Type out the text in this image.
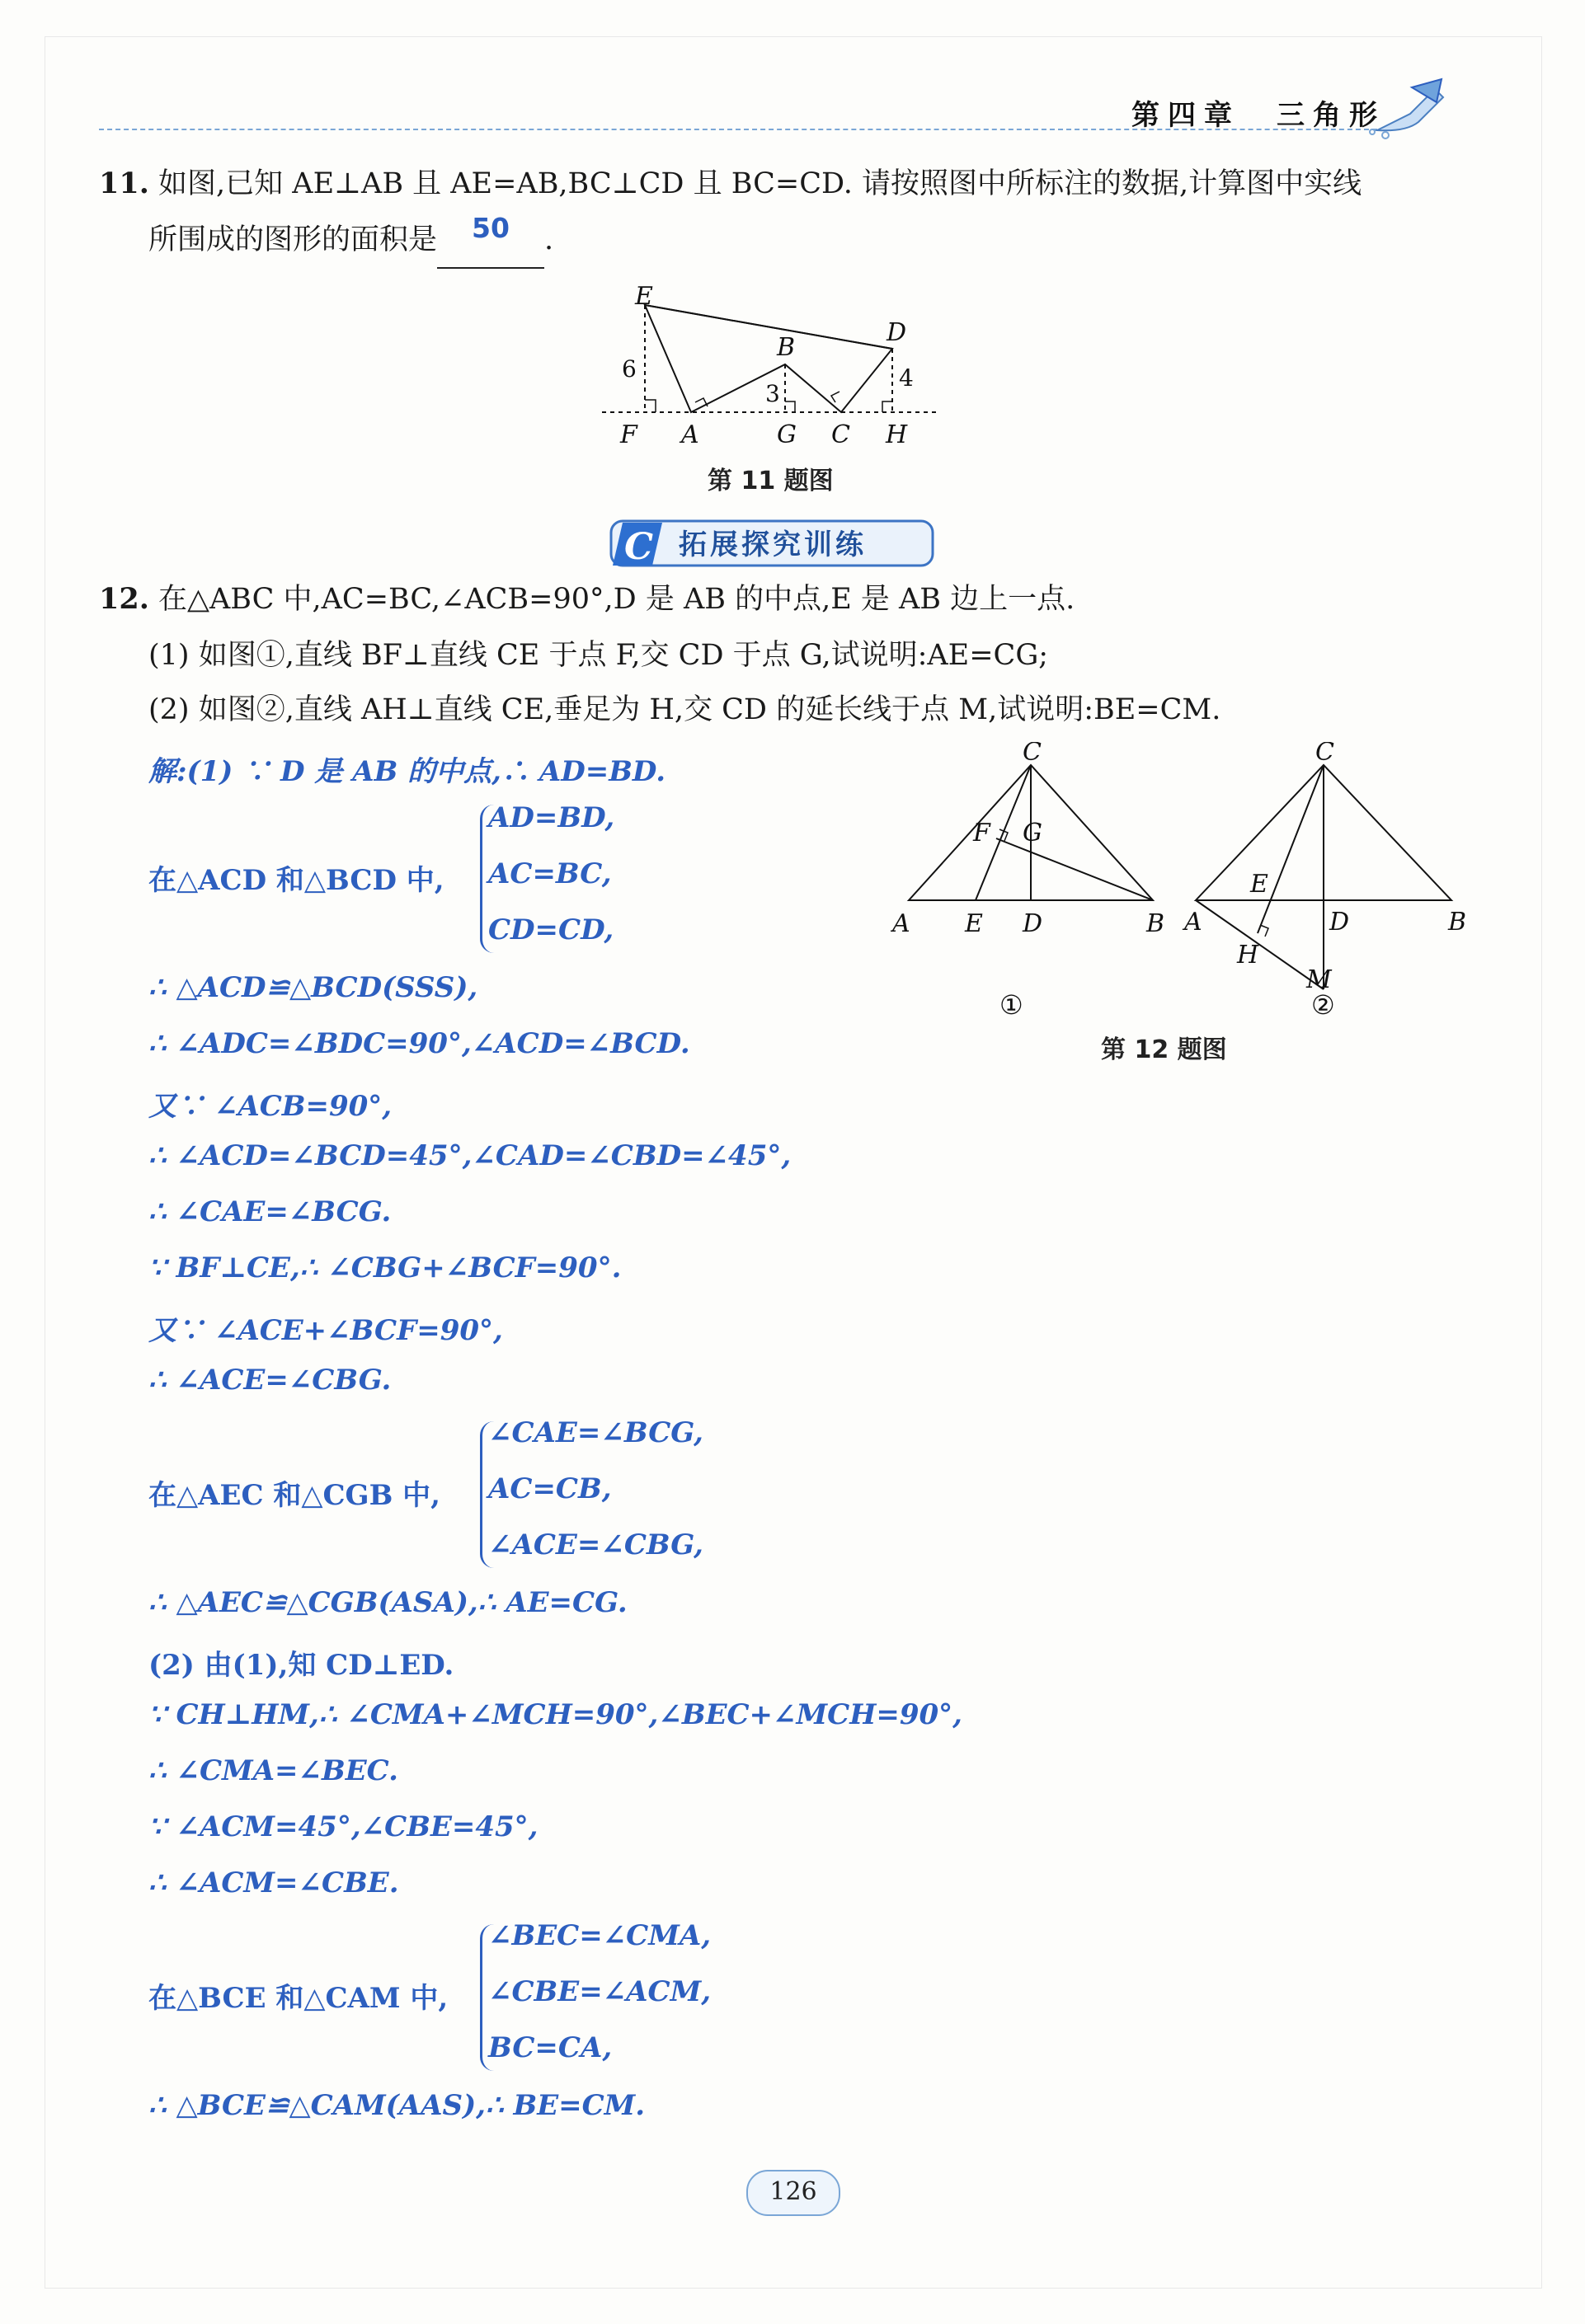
第四章　三角形
11. 如图,已知 AE⊥AB 且 AE=AB,BC⊥CD 且 BC=CD. 请按照图中所标注的数据,计算图中实线
所围成的图形的面积是	50	.
E
B
D
F A	G C H
6
3
4
第 11 题图
C 拓展探究训练
12. 在△ABC 中,AC=BC,∠ACB=90°,D 是 AB 的中点,E 是 AB 边上一点.
(1) 如图①,直线 BF⊥直线 CE 于点 F,交 CD 于点 G,试说明:AE=CG;
(2) 如图②,直线 AH⊥直线 CE,垂足为 H,交 CD 的延长线于点 M,试说明:BE=CM.
C
F G
A E D	B
C
E
A
H
D	B
M
①	②
第 12 题图
解:(1) ∵ D 是 AB 的中点,∴ AD=BD.
在△ACD 和△BCD 中,
AD=BD,
AC=BC,
CD=CD,
∴ △ACD≌△BCD(SSS),
∴ ∠ADC=∠BDC=90°,∠ACD=∠BCD.
又∵ ∠ACB=90°,
∴ ∠ACD=∠BCD=45°,∠CAD=∠CBD=∠45°,
∴ ∠CAE=∠BCG.
∵ BF⊥CE,∴ ∠CBG+∠BCF=90°.
又∵ ∠ACE+∠BCF=90°,
∴ ∠ACE=∠CBG.
在△AEC 和△CGB 中,
∠CAE=∠BCG,
AC=CB,
∠ACE=∠CBG,
∴ △AEC≌△CGB(ASA),∴ AE=CG.
(2) 由(1),知 CD⊥ED.
∵ CH⊥HM,∴ ∠CMA+∠MCH=90°,∠BEC+∠MCH=90°,
∴ ∠CMA=∠BEC.
∵ ∠ACM=45°,∠CBE=45°,
∴ ∠ACM=∠CBE.
在△BCE 和△CAM 中,
∠BEC=∠CMA,
∠CBE=∠ACM,
BC=CA,
∴ △BCE≌△CAM(AAS),∴ BE=CM.
126
